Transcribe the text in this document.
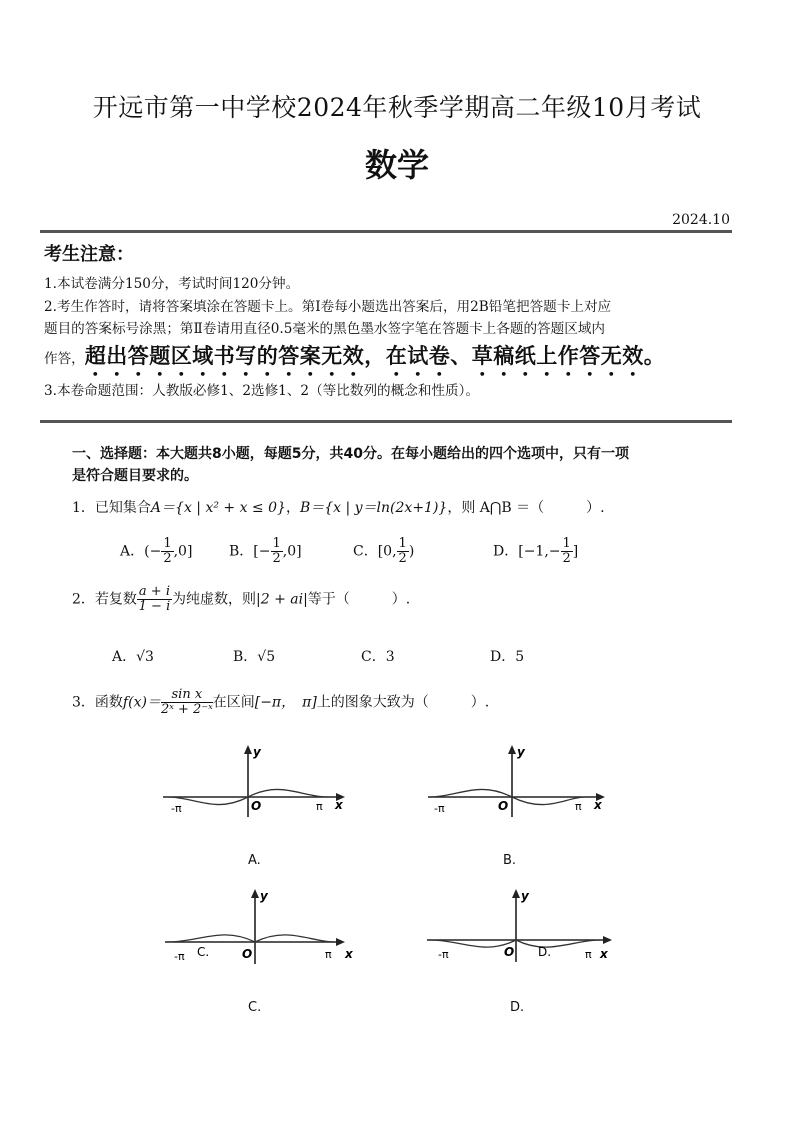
开远市第一中学校2024年秋季学期高二年级10月考试
数学
2024.10
考生注意：
1.本试卷满分150分，考试时间120分钟。
2.考生作答时，请将答案填涂在答题卡上。第Ⅰ卷每小题选出答案后，用2B铅笔把答题卡上对应
题目的答案标号涂黑；第Ⅱ卷请用直径0.5毫米的黑色墨水签字笔在答题卡上各题的答题区域内
作答，超出答题区域书写的答案无效，在试卷、草稿纸上作答无效。
3.本卷命题范围：人教版必修1、2选修1、2（等比数列的概念和性质）。
一、选择题：本大题共8小题，每题5分，共40分。在每小题给出的四个选项中，只有一项
是符合题目要求的。
1．已知集合A＝{x | x² + x ≤ 0}，B＝{x | y＝ln(2x+1)}，则 A⋂B ＝（　　　）.
A．(− $\frac{1}{2} ,0$]	B．[− $\frac{1}{2} ,0$]	C．[0, $\frac{1}{2}$ )	D．[$-1,- \frac{1}{2}$ ]
2．若复数 $\frac{a + i}{1 - i}$ 为纯虚数，则|2 + ai|等于（　　　）.
A．√3	B．√5	C．3	D．5
3．函数$f(x)= \frac{\text{sin x}}{\text{2ˣ + 2⁻ˣ}}$ 在区间[−π，　π]上的图象大致为（　　　）.
y
x
O
-π	π
A.
y
x
O
-π	π
B.
y
x
O
-π	π
C.
C.
y
x
O
-π	π
D.
D.
